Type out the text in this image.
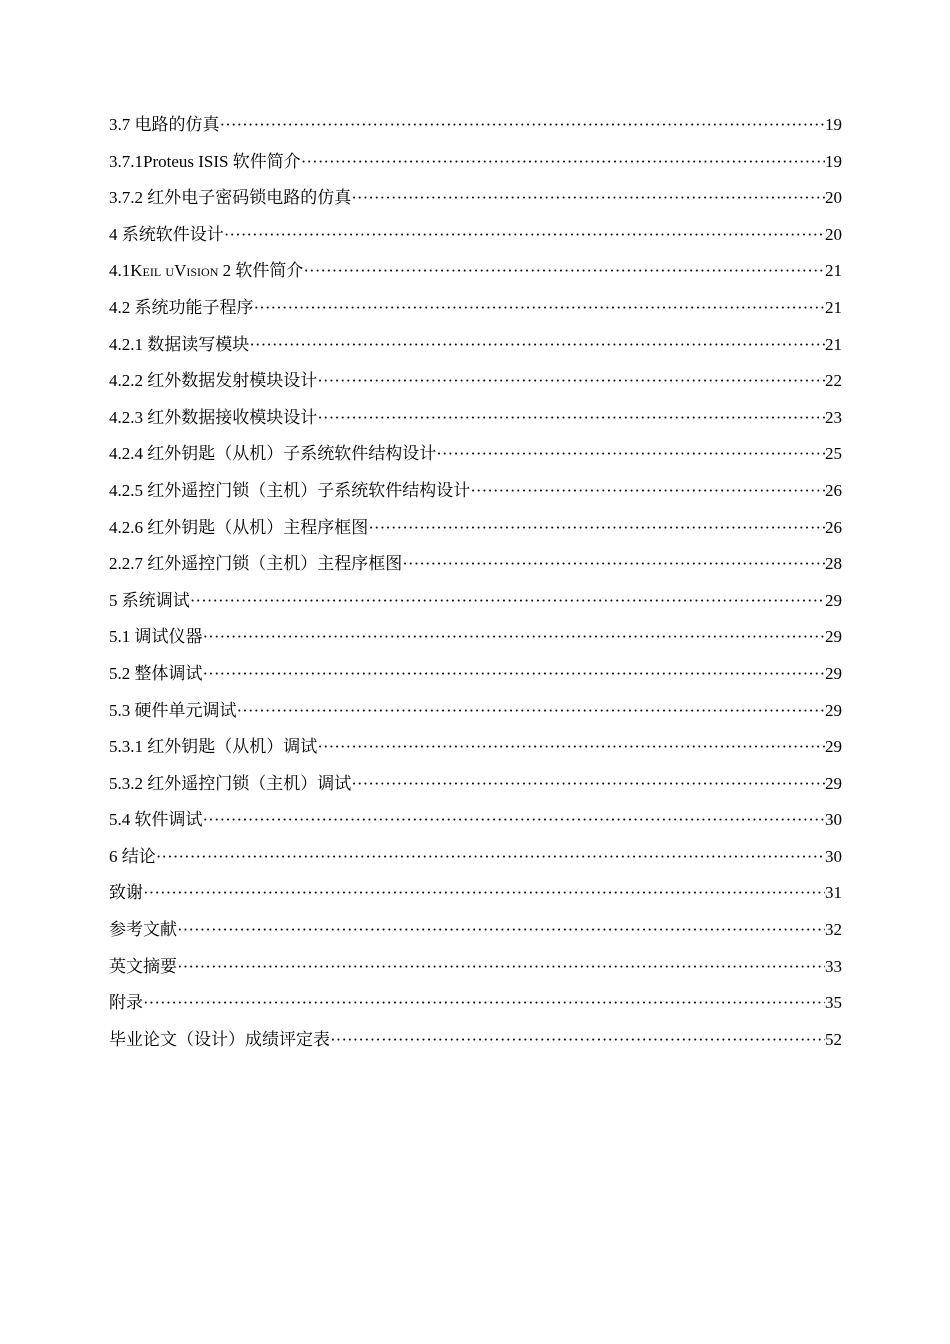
3.7 电路的仿真 ·····	19
3.7.1Proteus ISIS 软件简介 ·····	19
3.7.2 红外电子密码锁电路的仿真 ·····	20
4 系统软件设计 ·····	20
4.1Keil uVision 2 软件简介 ·····	21
4.2 系统功能子程序 ·····	21
4.2.1 数据读写模块 ·····	21
4.2.2 红外数据发射模块设计 ·····	22
4.2.3 红外数据接收模块设计 ·····	23
4.2.4 红外钥匙（从机）子系统软件结构设计 ·····	25
4.2.5 红外遥控门锁（主机）子系统软件结构设计 ·····	26
4.2.6 红外钥匙（从机）主程序框图 ·····	26
2.2.7 红外遥控门锁（主机）主程序框图 ·····	28
5 系统调试 ·····	29
5.1 调试仪器 ·····	29
5.2 整体调试 ·····	29
5.3 硬件单元调试 ·····	29
5.3.1 红外钥匙（从机）调试 ·····	29
5.3.2 红外遥控门锁（主机）调试 ·····	29
5.4 软件调试 ·····	30
6 结论 ·····	30
致谢 ·····	31
参考文献 ·····	32
英文摘要 ·····	33
附录 ·····	35
毕业论文（设计）成绩评定表 ·····	52
